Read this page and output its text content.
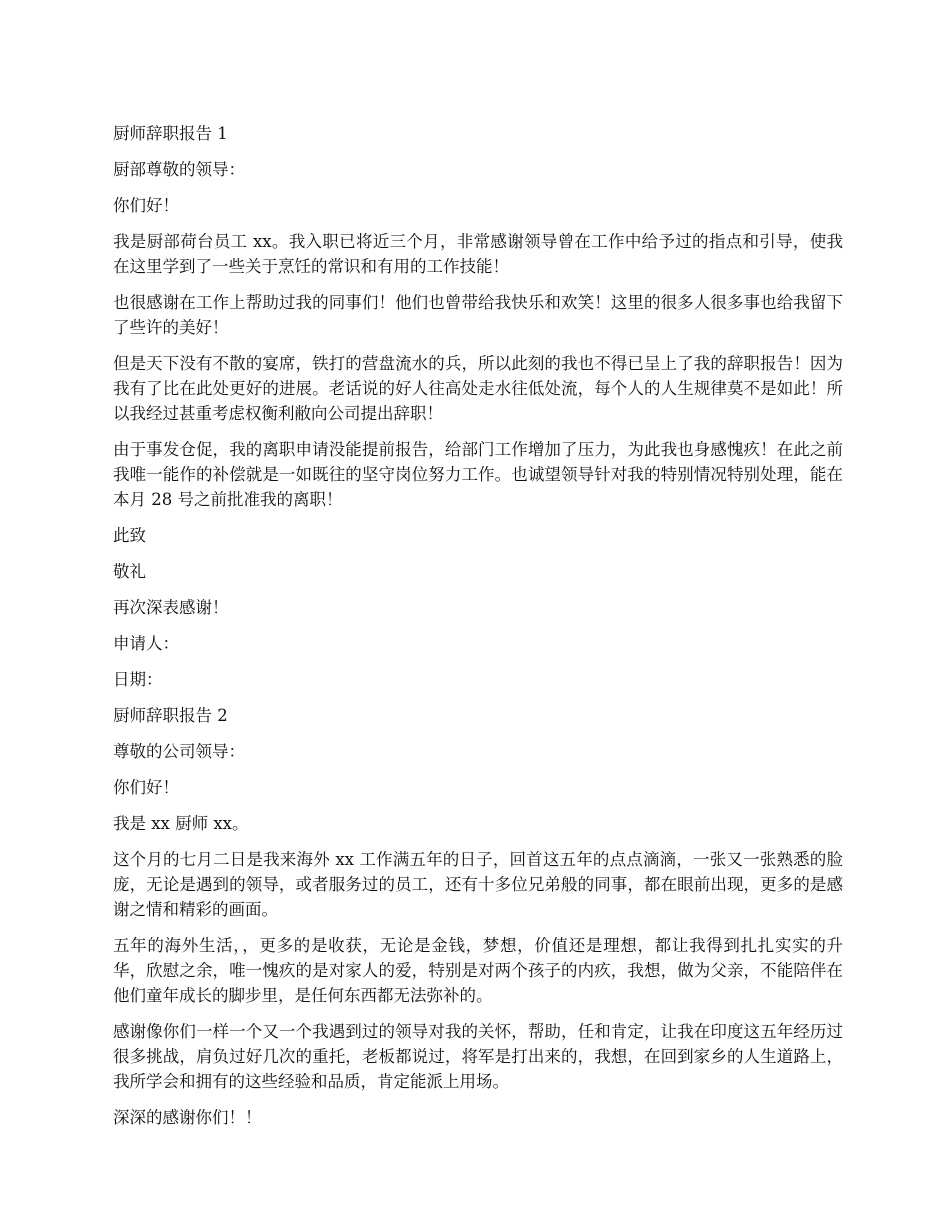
厨师辞职报告 1

厨部尊敬的领导：

你们好！

我是厨部荷台员工 xx。我入职已将近三个月，非常感谢领导曾在工作中给予过的指点和引导，使我在这里学到了一些关于烹饪的常识和有用的工作技能！

也很感谢在工作上帮助过我的同事们！他们也曾带给我快乐和欢笑！这里的很多人很多事也给我留下了些许的美好！

但是天下没有不散的宴席，铁打的营盘流水的兵，所以此刻的我也不得已呈上了我的辞职报告！因为我有了比在此处更好的进展。老话说的好人往高处走水往低处流，每个人的人生规律莫不是如此！所以我经过甚重考虑权衡利敝向公司提出辞职！

由于事发仓促，我的离职申请没能提前报告，给部门工作增加了压力，为此我也身感愧疚！在此之前我唯一能作的补偿就是一如既往的坚守岗位努力工作。也诚望领导针对我的特别情况特别处理，能在本月 28 号之前批准我的离职！

此致

敬礼

再次深表感谢！

申请人：

日期：

厨师辞职报告 2

尊敬的公司领导：

你们好！

我是 xx 厨师 xx。

这个月的七月二日是我来海外 xx 工作满五年的日子，回首这五年的点点滴滴，一张又一张熟悉的脸庞，无论是遇到的领导，或者服务过的员工，还有十多位兄弟般的同事，都在眼前出现，更多的是感谢之情和精彩的画面。

五年的海外生活，，更多的是收获，无论是金钱，梦想，价值还是理想，都让我得到扎扎实实的升华，欣慰之余，唯一愧疚的是对家人的爱，特别是对两个孩子的内疚，我想，做为父亲，不能陪伴在他们童年成长的脚步里，是任何东西都无法弥补的。

感谢像你们一样一个又一个我遇到过的领导对我的关怀，帮助，任和肯定，让我在印度这五年经历过很多挑战，肩负过好几次的重托，老板都说过，将军是打出来的，我想，在回到家乡的人生道路上，我所学会和拥有的这些经验和品质，肯定能派上用场。

深深的感谢你们！！
